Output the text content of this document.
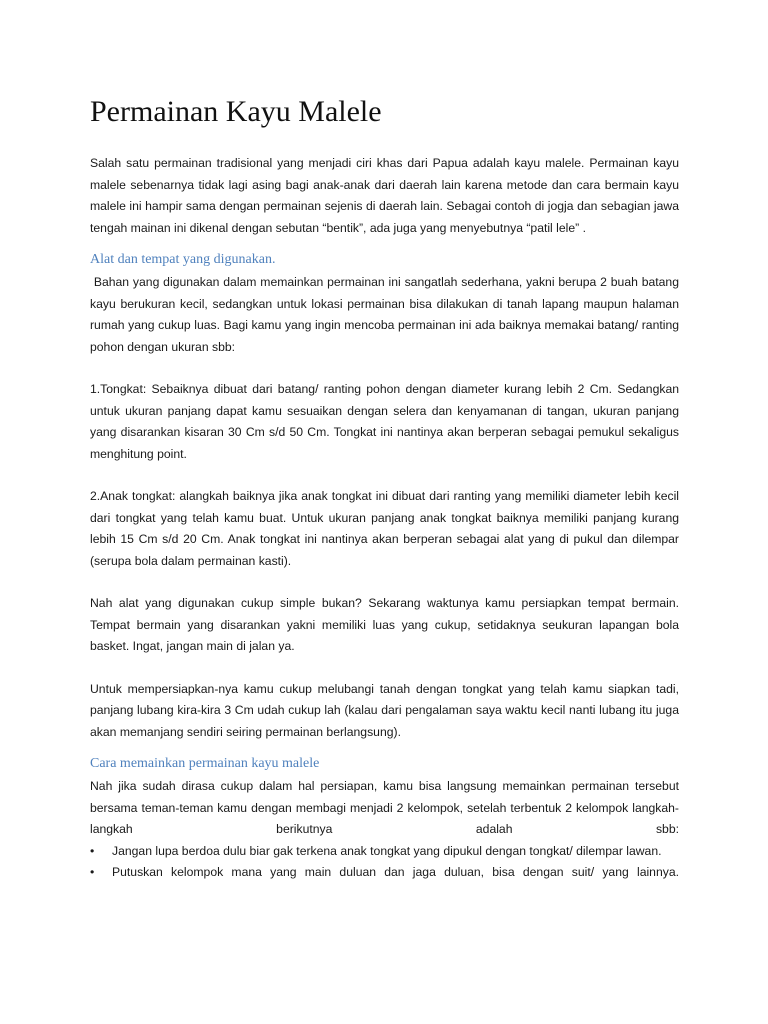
Permainan Kayu Malele

Salah satu permainan tradisional yang menjadi ciri khas dari Papua adalah kayu malele. Permainan kayu malele sebenarnya tidak lagi asing bagi anak-anak dari daerah lain karena metode dan cara bermain kayu malele ini hampir sama dengan permainan sejenis di daerah lain. Sebagai contoh di jogja dan sebagian jawa tengah mainan ini dikenal dengan sebutan “bentik”, ada juga yang menyebutnya “patil lele” .

Alat dan tempat yang digunakan.

Bahan yang digunakan dalam memainkan permainan ini sangatlah sederhana, yakni berupa 2 buah batang kayu berukuran kecil, sedangkan untuk lokasi permainan bisa dilakukan di tanah lapang maupun halaman rumah yang cukup luas. Bagi kamu yang ingin mencoba permainan ini ada baiknya memakai batang/ ranting pohon dengan ukuran sbb:

1.Tongkat: Sebaiknya dibuat dari batang/ ranting pohon dengan diameter kurang lebih 2 Cm. Sedangkan untuk ukuran panjang dapat kamu sesuaikan dengan selera dan kenyamanan di tangan, ukuran panjang yang disarankan kisaran 30 Cm s/d 50 Cm. Tongkat ini nantinya akan berperan sebagai pemukul sekaligus menghitung point.

2.Anak tongkat: alangkah baiknya jika anak tongkat ini dibuat dari ranting yang memiliki diameter lebih kecil dari tongkat yang telah kamu buat. Untuk ukuran panjang anak tongkat baiknya memiliki panjang kurang lebih 15 Cm s/d 20 Cm. Anak tongkat ini nantinya akan berperan sebagai alat yang di pukul dan dilempar (serupa bola dalam permainan kasti).

Nah alat yang digunakan cukup simple bukan? Sekarang waktunya kamu persiapkan tempat bermain. Tempat bermain yang disarankan yakni memiliki luas yang cukup, setidaknya seukuran lapangan bola basket. Ingat, jangan main di jalan ya.

Untuk mempersiapkan-nya kamu cukup melubangi tanah dengan tongkat yang telah kamu siapkan tadi, panjang lubang kira-kira 3 Cm udah cukup lah (kalau dari pengalaman saya waktu kecil nanti lubang itu juga akan memanjang sendiri seiring permainan berlangsung).

Cara memainkan permainan kayu malele

Nah jika sudah dirasa cukup dalam hal persiapan, kamu bisa langsung memainkan permainan tersebut bersama teman-teman kamu dengan membagi menjadi 2 kelompok, setelah terbentuk 2 kelompok langkah-langkah berikutnya adalah sbb:

• Jangan lupa berdoa dulu biar gak terkena anak tongkat yang dipukul dengan tongkat/ dilempar lawan.
• Putuskan kelompok mana yang main duluan dan jaga duluan, bisa dengan suit/ yang lainnya.
